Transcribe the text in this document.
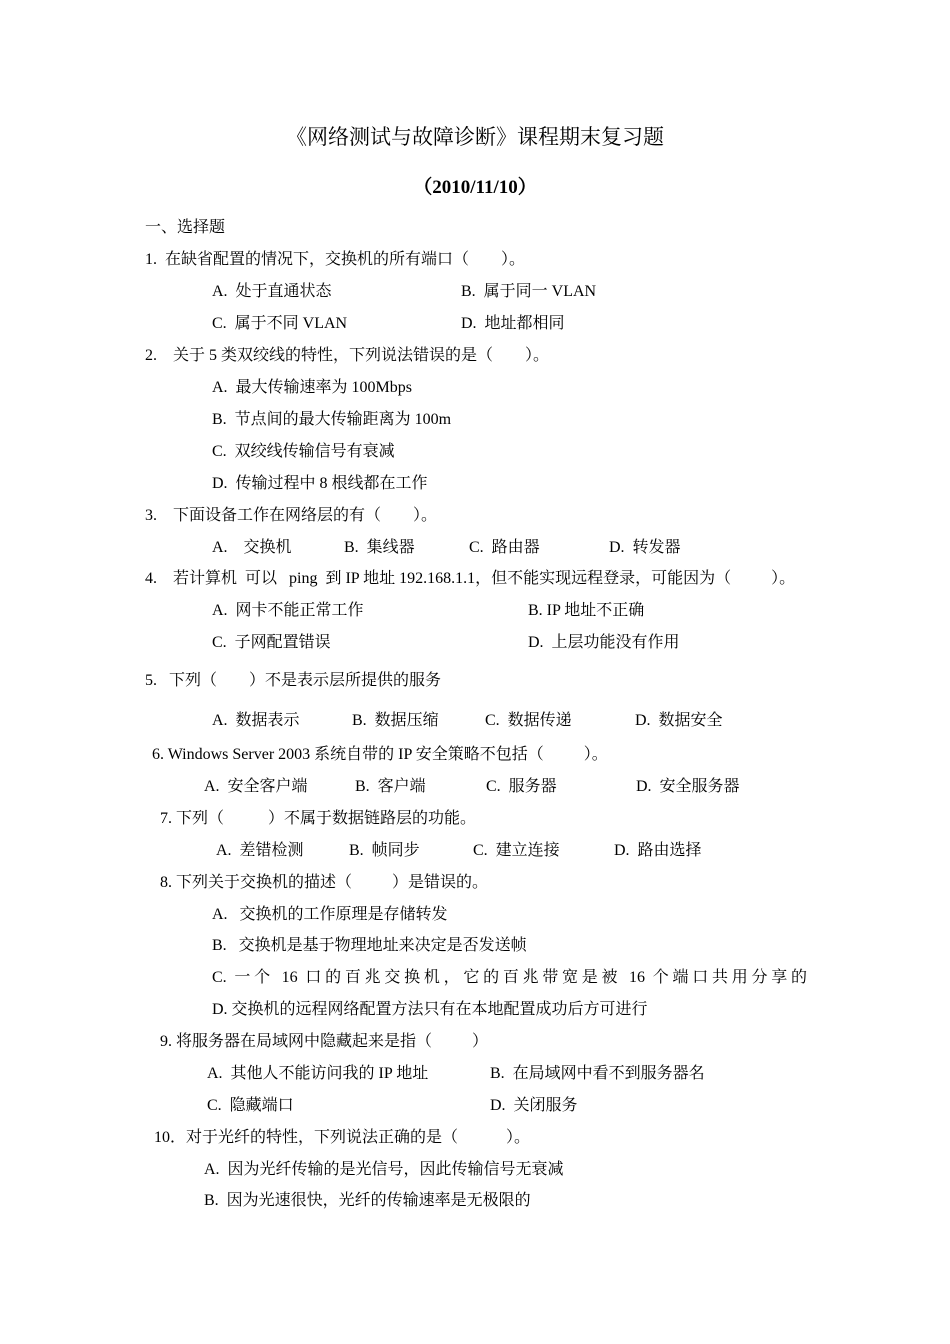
《网络测试与故障诊断》课程期末复习题
（2010/11/10）
一、选择题
1.  在缺省配置的情况下，交换机的所有端口（        ）。
A.  处于直通状态	B.  属于同一 VLAN
C.  属于不同 VLAN	D.  地址都相同
2.    关于 5 类双绞线的特性，下列说法错误的是（        ）。
A.  最大传输速率为 100Mbps
B.  节点间的最大传输距离为 100m
C.  双绞线传输信号有衰减
D.  传输过程中 8 根线都在工作
3.    下面设备工作在网络层的有（        ）。
A.    交换机	B.  集线器	C.  路由器	D.  转发器
4.    若计算机  可以   ping  到 IP 地址 192.168.1.1，但不能实现远程登录，可能因为（          ）。
A.  网卡不能正常工作	B. IP 地址不正确
C.  子网配置错误	D.  上层功能没有作用
5.   下列（        ）不是表示层所提供的服务
A.  数据表示	B.  数据压缩	C.  数据传递	D.  数据安全
6. Windows Server 2003 系统自带的 IP 安全策略不包括（          ）。
A.  安全客户端	B.  客户端	C.  服务器	D.  安全服务器
7. 下列（           ）不属于数据链路层的功能。
A.  差错检测	B.  帧同步	C.  建立连接	D.  路由选择
8. 下列关于交换机的描述（          ）是错误的。
A.   交换机的工作原理是存储转发
B.   交换机是基于物理地址来决定是否发送帧
C. 一个 16 口的百兆交换机，它的百兆带宽是被 16 个端口共用分享的
D. 交换机的远程网络配置方法只有在本地配置成功后方可进行
9. 将服务器在局域网中隐藏起来是指（          ）
A.  其他人不能访问我的 IP 地址	B.  在局域网中看不到服务器名
C.  隐藏端口	D.  关闭服务
10．对于光纤的特性，下列说法正确的是（            ）。
A.  因为光纤传输的是光信号，因此传输信号无衰减
B.  因为光速很快，光纤的传输速率是无极限的
